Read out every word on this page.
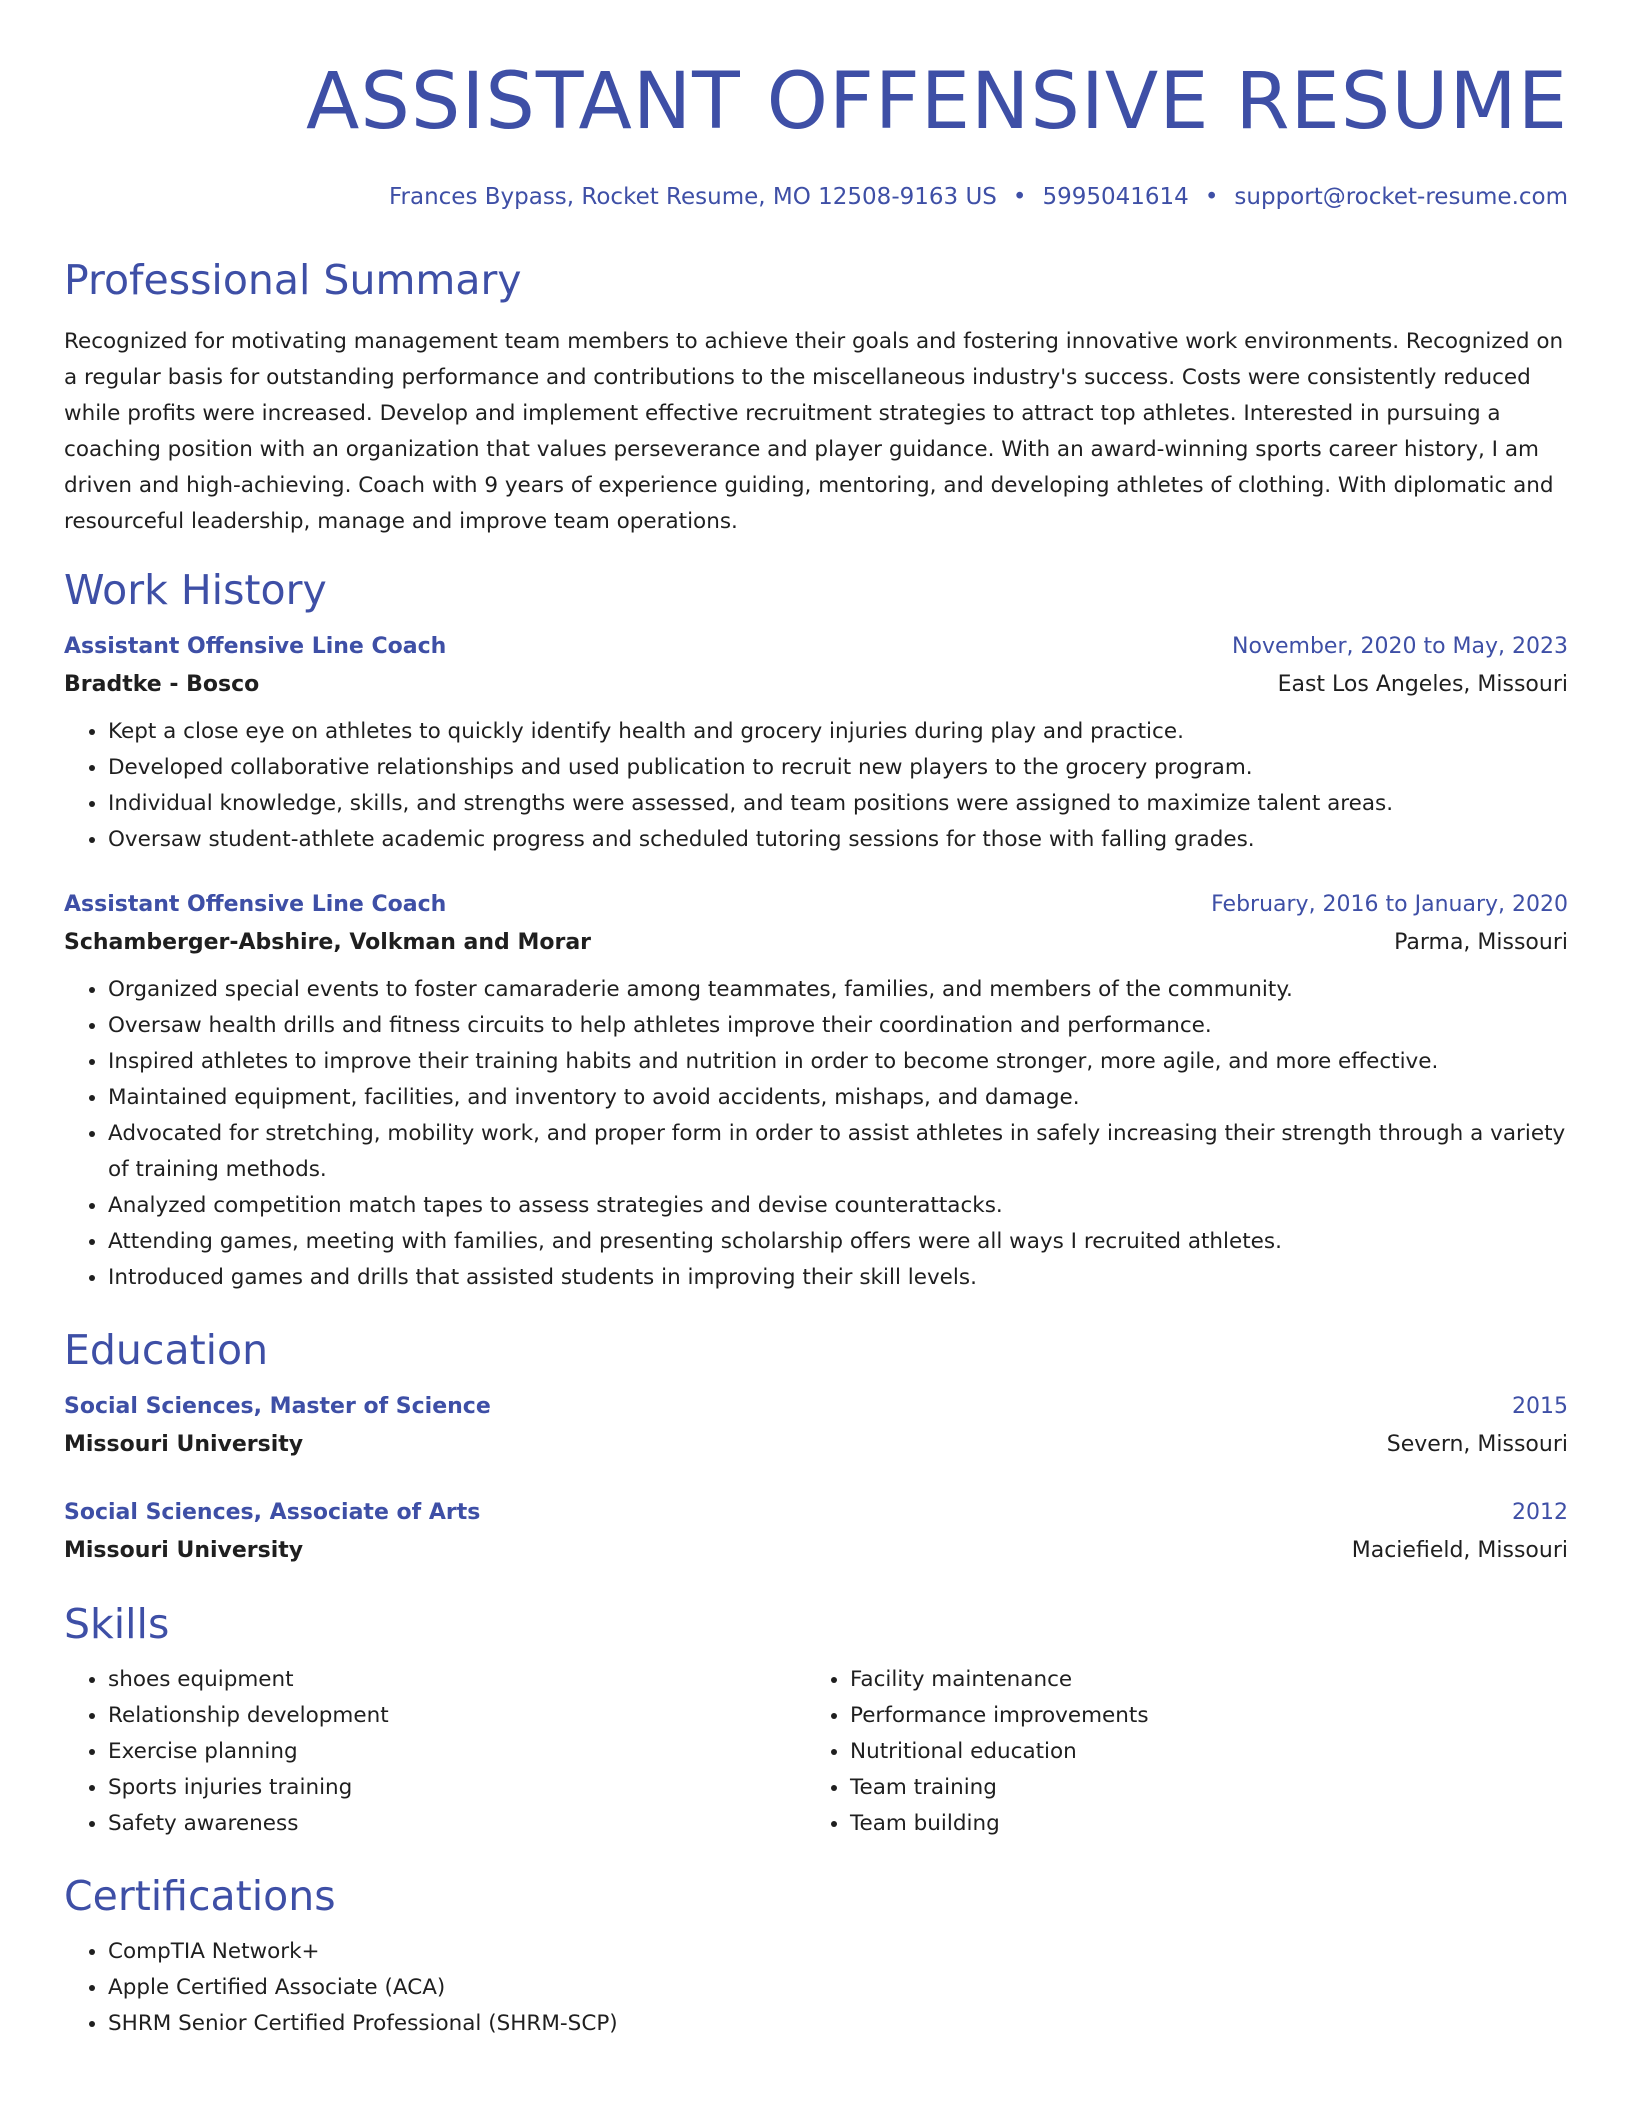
ASSISTANT OFFENSIVE RESUME
Frances Bypass, Rocket Resume, MO 12508-9163 US • 5995041614 • support@rocket-resume.com
Professional Summary
Recognized for motivating management team members to achieve their goals and fostering innovative work environments. Recognized on a regular basis for outstanding performance and contributions to the miscellaneous industry's success. Costs were consistently reduced while profits were increased. Develop and implement effective recruitment strategies to attract top athletes. Interested in pursuing a coaching position with an organization that values perseverance and player guidance. With an award-winning sports career history, I am driven and high-achieving. Coach with 9 years of experience guiding, mentoring, and developing athletes of clothing. With diplomatic and resourceful leadership, manage and improve team operations.
Work History
Assistant Offensive Line Coach	November, 2020 to May, 2023
Bradtke - Bosco	East Los Angeles, Missouri
• Kept a close eye on athletes to quickly identify health and grocery injuries during play and practice.
• Developed collaborative relationships and used publication to recruit new players to the grocery program.
• Individual knowledge, skills, and strengths were assessed, and team positions were assigned to maximize talent areas.
• Oversaw student-athlete academic progress and scheduled tutoring sessions for those with falling grades.
Assistant Offensive Line Coach	February, 2016 to January, 2020
Schamberger-Abshire, Volkman and Morar	Parma, Missouri
• Organized special events to foster camaraderie among teammates, families, and members of the community.
• Oversaw health drills and fitness circuits to help athletes improve their coordination and performance.
• Inspired athletes to improve their training habits and nutrition in order to become stronger, more agile, and more effective.
• Maintained equipment, facilities, and inventory to avoid accidents, mishaps, and damage.
• Advocated for stretching, mobility work, and proper form in order to assist athletes in safely increasing their strength through a variety of training methods.
• Analyzed competition match tapes to assess strategies and devise counterattacks.
• Attending games, meeting with families, and presenting scholarship offers were all ways I recruited athletes.
• Introduced games and drills that assisted students in improving their skill levels.
Education
Social Sciences, Master of Science	2015
Missouri University	Severn, Missouri
Social Sciences, Associate of Arts	2012
Missouri University	Maciefield, Missouri
Skills
• shoes equipment
• Relationship development
• Exercise planning
• Sports injuries training
• Safety awareness
• Facility maintenance
• Performance improvements
• Nutritional education
• Team training
• Team building
Certifications
• CompTIA Network+
• Apple Certified Associate (ACA)
• SHRM Senior Certified Professional (SHRM-SCP)
